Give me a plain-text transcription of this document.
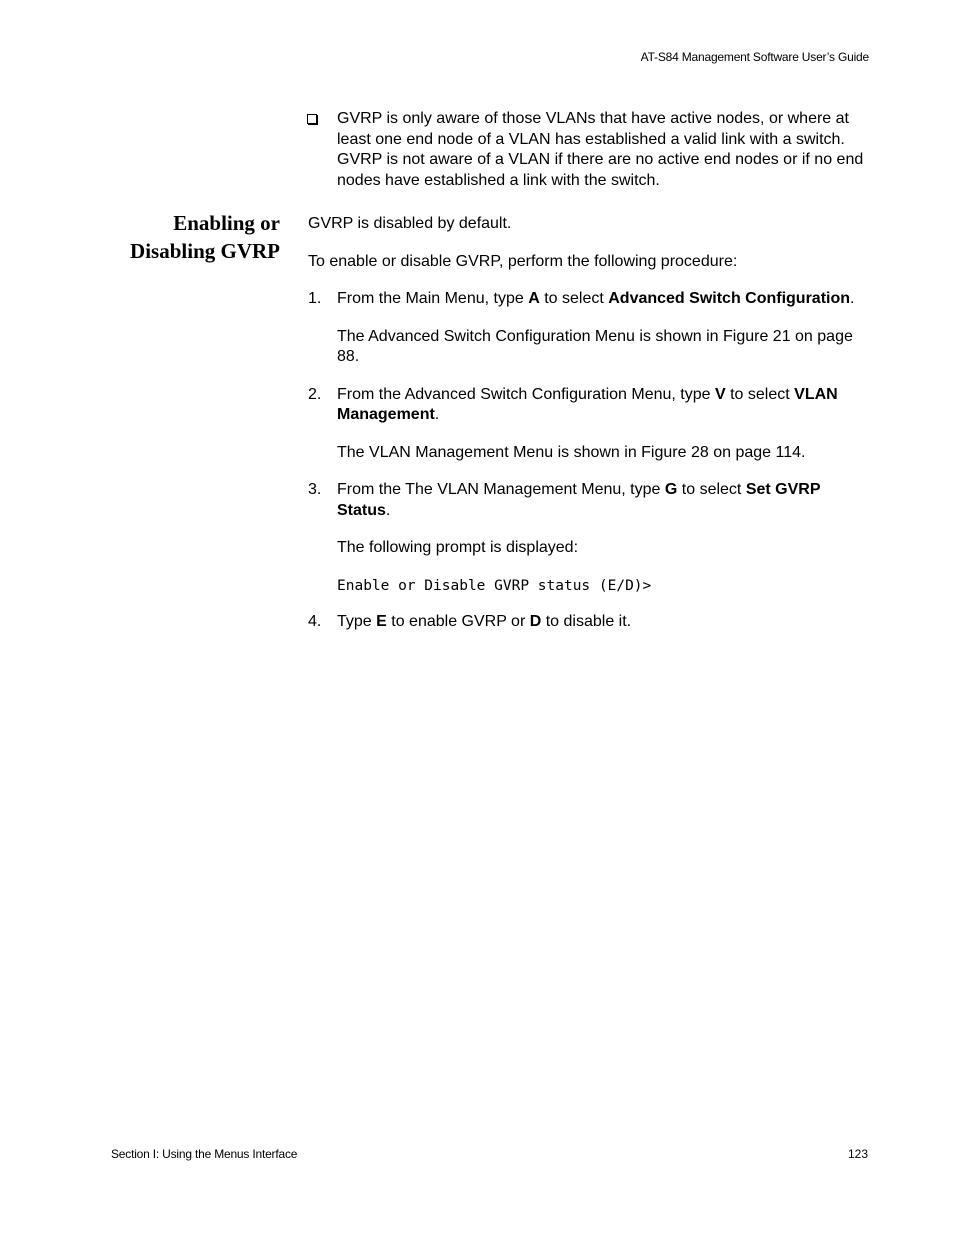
AT-S84 Management Software User’s Guide
GVRP is only aware of those VLANs that have active nodes, or where at least one end node of a VLAN has established a valid link with a switch. GVRP is not aware of a VLAN if there are no active end nodes or if no end nodes have established a link with the switch.
Enabling or
Disabling GVRP

GVRP is disabled by default.

To enable or disable GVRP, perform the following procedure:

1. From the Main Menu, type A to select Advanced Switch Configuration.

The Advanced Switch Configuration Menu is shown in Figure 21 on page 88.

2. From the Advanced Switch Configuration Menu, type V to select VLAN Management.

The VLAN Management Menu is shown in Figure 28 on page 114.

3. From the The VLAN Management Menu, type G to select Set GVRP Status.

The following prompt is displayed:

Enable or Disable GVRP status (E/D)>

4. Type E to enable GVRP or D to disable it.
Section I: Using the Menus Interface	123
